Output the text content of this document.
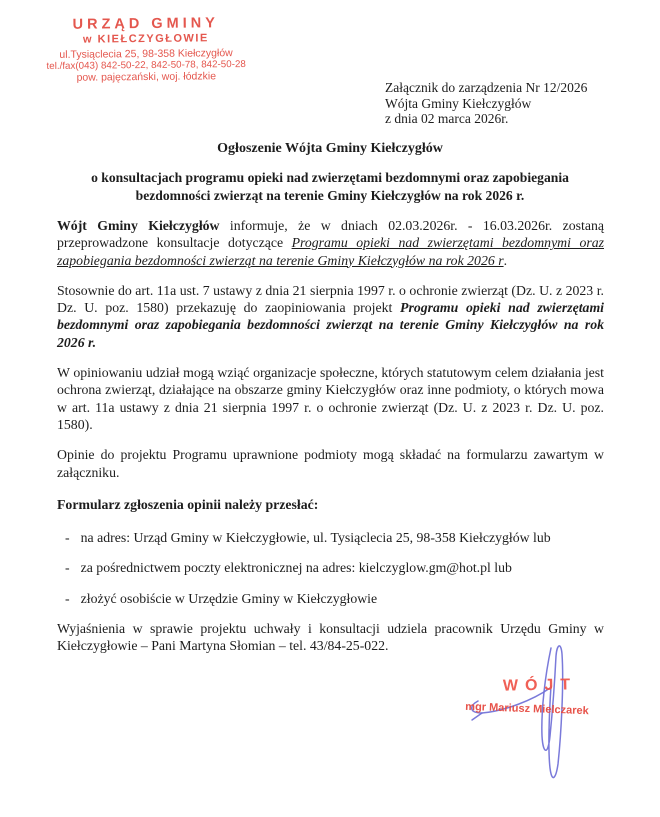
URZĄD GMINY
w KIEŁCZYGŁOWIE
ul.Tysiąclecia 25, 98-358 Kiełczygłów
tel./fax(043) 842-50-22, 842-50-78, 842-50-28
pow. pajęczański, woj. łódzkie
Załącznik do zarządzenia Nr 12/2026
Wójta Gminy Kiełczygłów
z dnia 02 marca 2026r.
Ogłoszenie Wójta Gminy Kiełczygłów
o konsultacjach programu opieki nad zwierzętami bezdomnymi oraz zapobiegania bezdomności zwierząt na terenie Gminy Kiełczygłów na rok 2026 r.

Wójt Gminy Kiełczygłów informuje, że w dniach 02.03.2026r. - 16.03.2026r. zostaną przeprowadzone konsultacje dotyczące Programu opieki nad zwierzętami bezdomnymi oraz zapobiegania bezdomności zwierząt na terenie Gminy Kiełczygłów na rok 2026 r.

Stosownie do art. 11a ust. 7 ustawy z dnia 21 sierpnia 1997 r. o ochronie zwierząt (Dz. U. z 2023 r. Dz. U. poz. 1580) przekazuję do zaopiniowania projekt Programu opieki nad zwierzętami bezdomnymi oraz zapobiegania bezdomności zwierząt na terenie Gminy Kiełczygłów na rok 2026 r.

W opiniowaniu udział mogą wziąć organizacje społeczne, których statutowym celem działania jest ochrona zwierząt, działające na obszarze gminy Kiełczygłów oraz inne podmioty, o których mowa w art. 11a ustawy z dnia 21 sierpnia 1997 r. o ochronie zwierząt (Dz. U. z 2023 r. Dz. U. poz. 1580).

Opinie do projektu Programu uprawnione podmioty mogą składać na formularzu zawartym w załączniku.

Formularz zgłoszenia opinii należy przesłać:

- na adres: Urząd Gminy w Kiełczygłowie, ul. Tysiąclecia 25, 98-358 Kiełczygłów lub
- za pośrednictwem poczty elektronicznej na adres: kielczyglow.gm@hot.pl lub
- złożyć osobiście w Urzędzie Gminy w Kiełczygłowie

Wyjaśnienia w sprawie projektu uchwały i konsultacji udziela pracownik Urzędu Gminy w Kiełczygłowie – Pani Martyna Słomian – tel. 43/84-25-022.

WÓJT
mgr Mariusz Mielczarek
